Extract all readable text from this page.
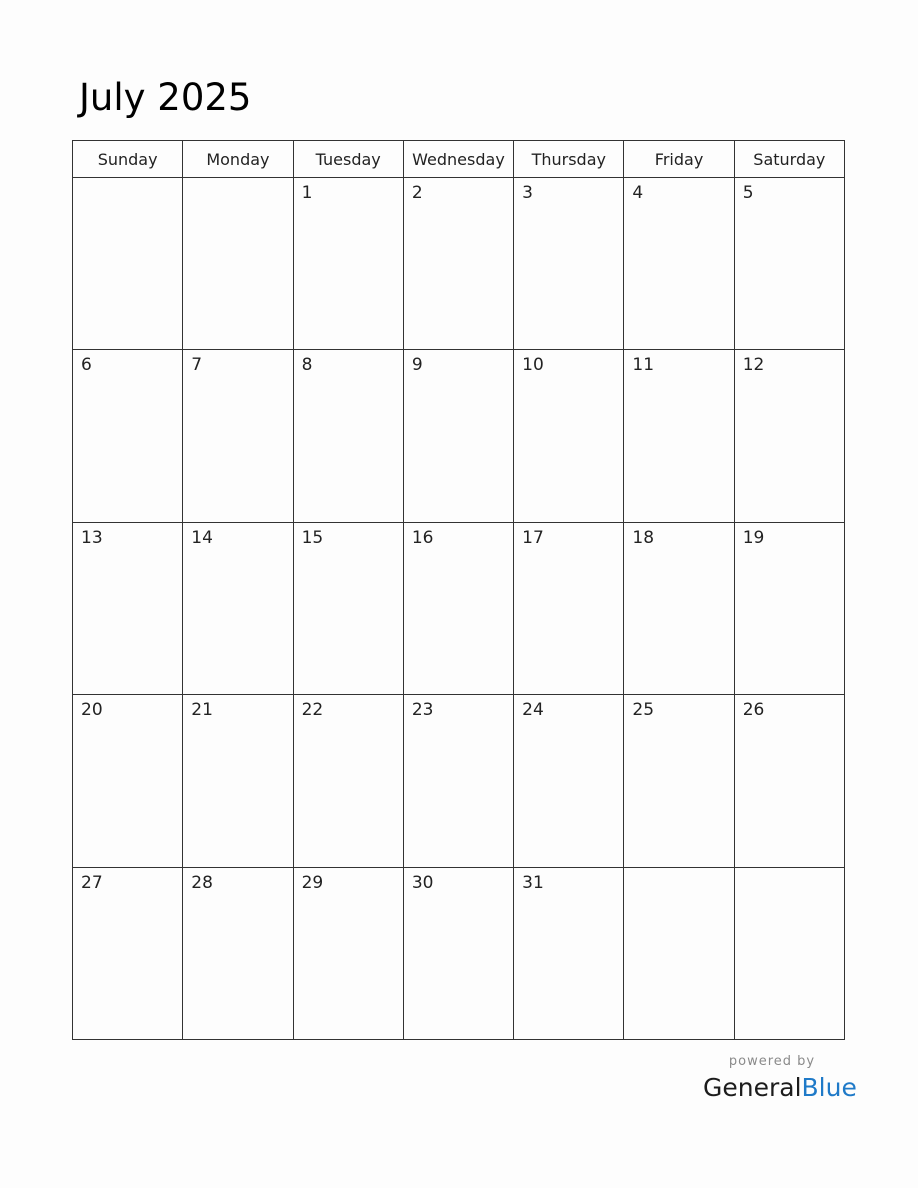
July 2025
Sunday	Monday	Tuesday	Wednesday	Thursday	Friday	Saturday

		1	2	3	4	5

6	7	8	9	10	11	12

13	14	15	16	17	18	19

20	21	22	23	24	25	26

27	28	29	30	31		

powered by
GeneralBlue
